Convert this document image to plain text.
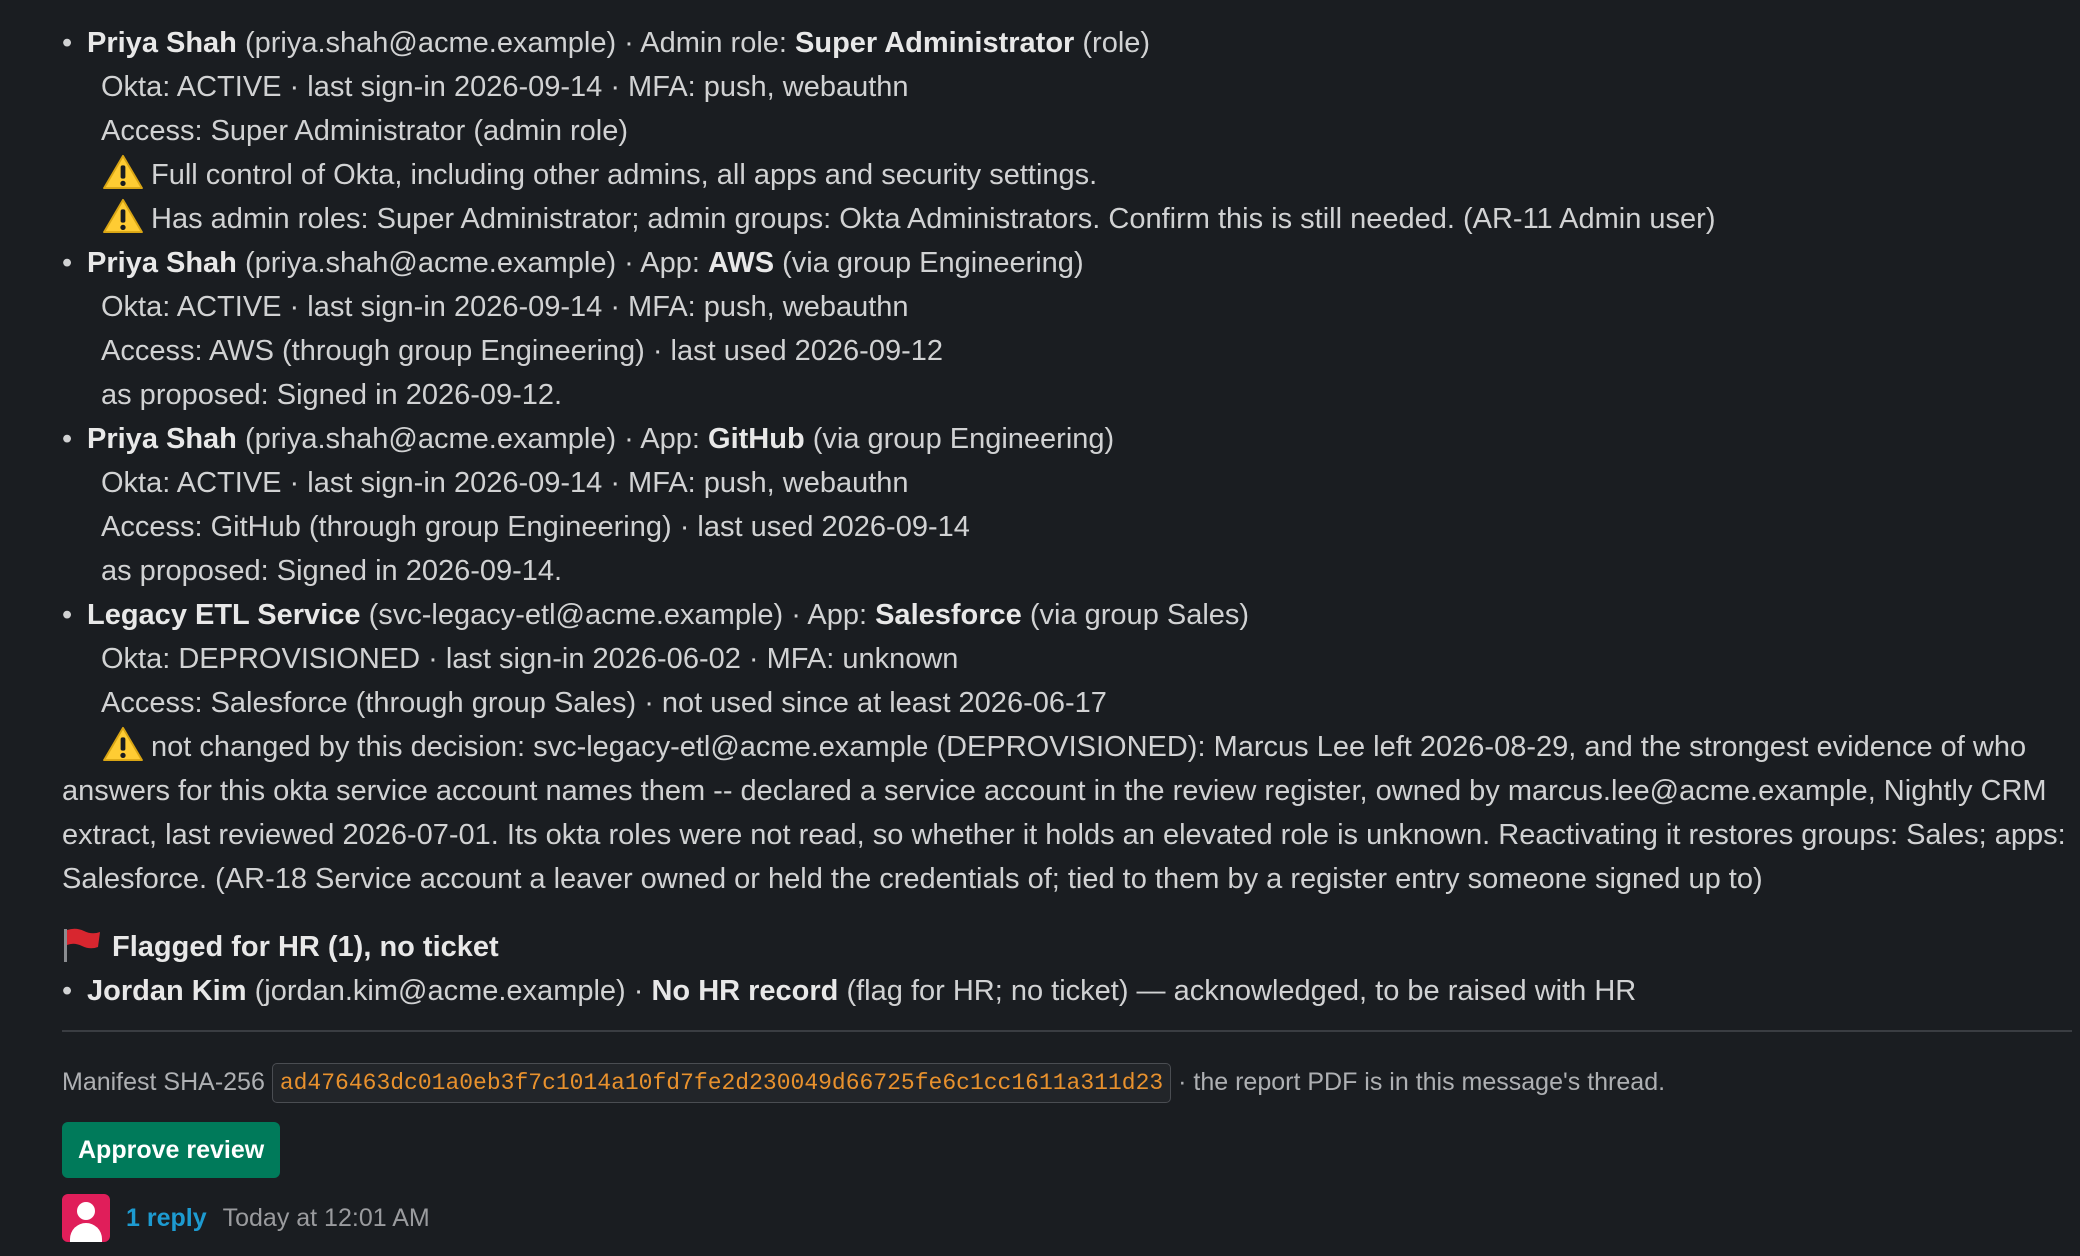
• Priya Shah (priya.shah@acme.example) · Admin role: Super Administrator (role)
Okta: ACTIVE · last sign-in 2026-09-14 · MFA: push, webauthn
Access: Super Administrator (admin role)
Full control of Okta, including other admins, all apps and security settings.
Has admin roles: Super Administrator; admin groups: Okta Administrators. Confirm this is still needed. (AR-11 Admin user)
• Priya Shah (priya.shah@acme.example) · App: AWS (via group Engineering)
Okta: ACTIVE · last sign-in 2026-09-14 · MFA: push, webauthn
Access: AWS (through group Engineering) · last used 2026-09-12
as proposed: Signed in 2026-09-12.
• Priya Shah (priya.shah@acme.example) · App: GitHub (via group Engineering)
Okta: ACTIVE · last sign-in 2026-09-14 · MFA: push, webauthn
Access: GitHub (through group Engineering) · last used 2026-09-14
as proposed: Signed in 2026-09-14.
• Legacy ETL Service (svc-legacy-etl@acme.example) · App: Salesforce (via group Sales)
Okta: DEPROVISIONED · last sign-in 2026-06-02 · MFA: unknown
Access: Salesforce (through group Sales) · not used since at least 2026-06-17
not changed by this decision: svc-legacy-etl@acme.example (DEPROVISIONED): Marcus Lee left 2026-08-29, and the strongest evidence of who answers for this okta service account names them -- declared a service account in the review register, owned by marcus.lee@acme.example, Nightly CRM extract, last reviewed 2026-07-01. Its okta roles were not read, so whether it holds an elevated role is unknown. Reactivating it restores groups: Sales; apps: Salesforce. (AR-18 Service account a leaver owned or held the credentials of; tied to them by a register entry someone signed up to)
Flagged for HR (1), no ticket
• Jordan Kim (jordan.kim@acme.example) · No HR record (flag for HR; no ticket) — acknowledged, to be raised with HR
Manifest SHA-256 ad476463dc01a0eb3f7c1014a10fd7fe2d230049d66725fe6c1cc1611a311d23 · the report PDF is in this message's thread.
Approve review
1 reply Today at 12:01 AM
